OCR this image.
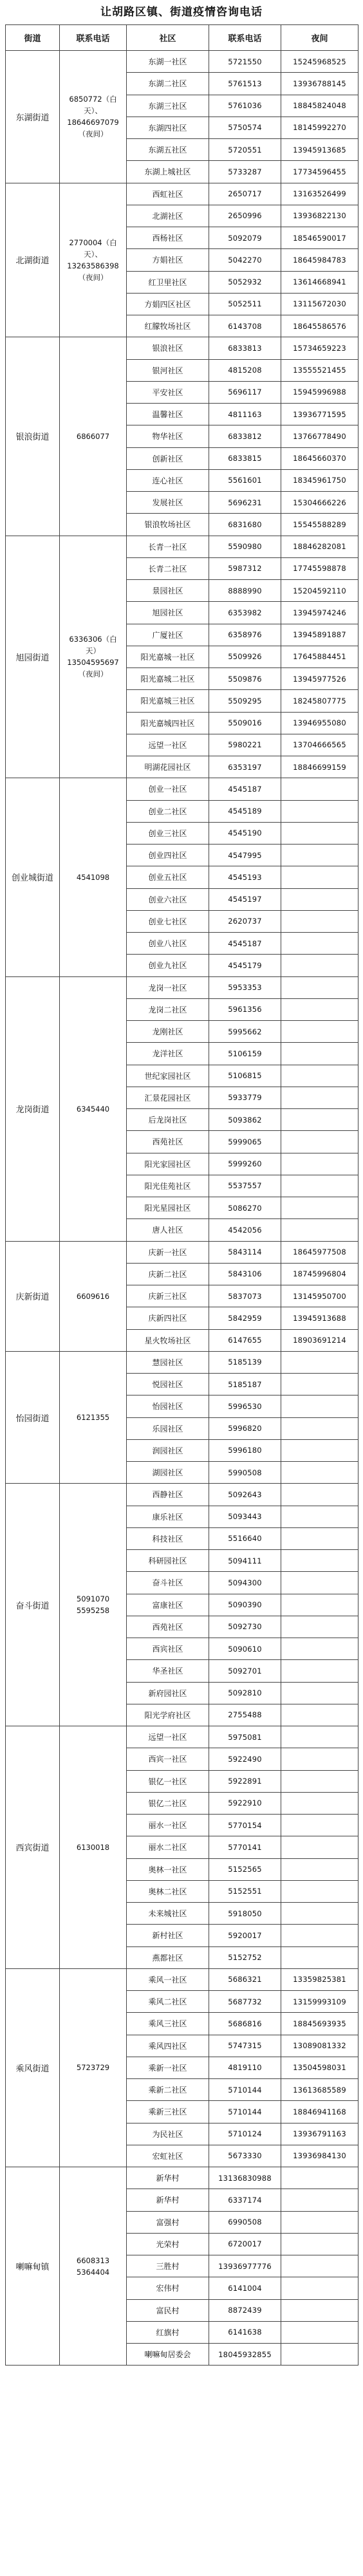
让胡路区镇、街道疫情咨询电话
街道	联系电话	社区	联系电话	夜间
东湖街道
6850772（白天）、18646697079（夜间）
东湖一社区	5721550	15245968525
东湖二社区	5761513	13936788145
东湖三社区	5761036	18845824048
东湖四社区	5750574	18145992270
东湖五社区	5720551	13945913685
东湖上城社区	5733287	17734596455
北湖街道
2770004（白天）、13263586398（夜间）
西虹社区	2650717	13163526499
北湖社区	2650996	13936822130
西杨社区	5092079	18546590017
方娟社区	5042270	18645984783
红卫里社区	5052932	13614668941
方娟四区社区	5052511	13115672030
红朦牧场社区	6143708	18645586576
银浪街道	6866077
银浪社区	6833813	15734659223
银河社区	4815208	13555521455
平安社区	5696117	15945996988
温馨社区	4811163	13936771595
物华社区	6833812	13766778490
创新社区	6833815	18645660370
连心社区	5561601	18345961750
发展社区	5696231	15304666226
银浪牧场社区	6831680	15545588289
旭园街道
6336306（白天）13504595697（夜间）
长青一社区	5590980	18846282081
长青二社区	5987312	17745598878
景园社区	8888990	15204592110
旭园社区	6353982	13945974246
广厦社区	6358976	13945891887
阳光嘉城一社区	5509926	17645884451
阳光嘉城二社区	5509876	13945977526
阳光嘉城三社区	5509295	18245807775
阳光嘉城四社区	5509016	13946955080
远望一社区	5980221	13704666565
明湖花园社区	6353197	18846699159
创业城街道	4541098
创业一社区	4545187
创业二社区	4545189
创业三社区	4545190
创业四社区	4547995
创业五社区	4545193
创业六社区	4545197
创业七社区	2620737
创业八社区	4545187
创业九社区	4545179
龙岗街道	6345440
龙岗一社区	5953353
龙岗二社区	5961356
龙刚社区	5995662
龙洋社区	5106159
世纪家园社区	5106815
汇景花园社区	5933779
后龙岗社区	5093862
西苑社区	5999065
阳光家园社区	5999260
阳光佳苑社区	5537557
阳光星园社区	5086270
唐人社区	4542056
庆新街道	6609616
庆新一社区	5843114	18645977508
庆新二社区	5843106	18745996804
庆新三社区	5837073	13145950700
庆新四社区	5842959	13945913688
星火牧场社区	6147655	18903691214
怡园街道	6121355
慧园社区	5185139
悦园社区	5185187
怡园社区	5996530
乐园社区	5996820
润园社区	5996180
湖园社区	5990508
奋斗街道
5091070
5595258
西静社区	5092643
康乐社区	5093443
科技社区	5516640
科研园社区	5094111
奋斗社区	5094300
富康社区	5090390
西苑社区	5092730
西宾社区	5090610
华圣社区	5092701
新府园社区	5092810
阳光学府社区	2755488
西宾街道	6130018
远望一社区	5975081
西宾一社区	5922490
银亿一社区	5922891
银亿二社区	5922910
丽水一社区	5770154
丽水二社区	5770141
奥林一社区	5152565
奥林二社区	5152551
未来城社区	5918050
新村社区	5920017
燕都社区	5152752
乘风街道	5723729
乘风一社区	5686321	13359825381
乘风二社区	5687732	13159993109
乘风三社区	5686816	18845693935
乘风四社区	5747315	13089081332
乘新一社区	4819110	13504598031
乘新二社区	5710144	13613685589
乘新三社区	5710144	18846941168
为民社区	5710124	13936791163
宏虹社区	5673330	13936984130
喇嘛甸镇
6608313
5364404
新华村	13136830988
新华村	6337174
富强村	6990508
光荣村	6720017
三胜村	13936977776
宏伟村	6141004
富民村	8872439
红旗村	6141638
喇嘛甸居委会	18045932855
